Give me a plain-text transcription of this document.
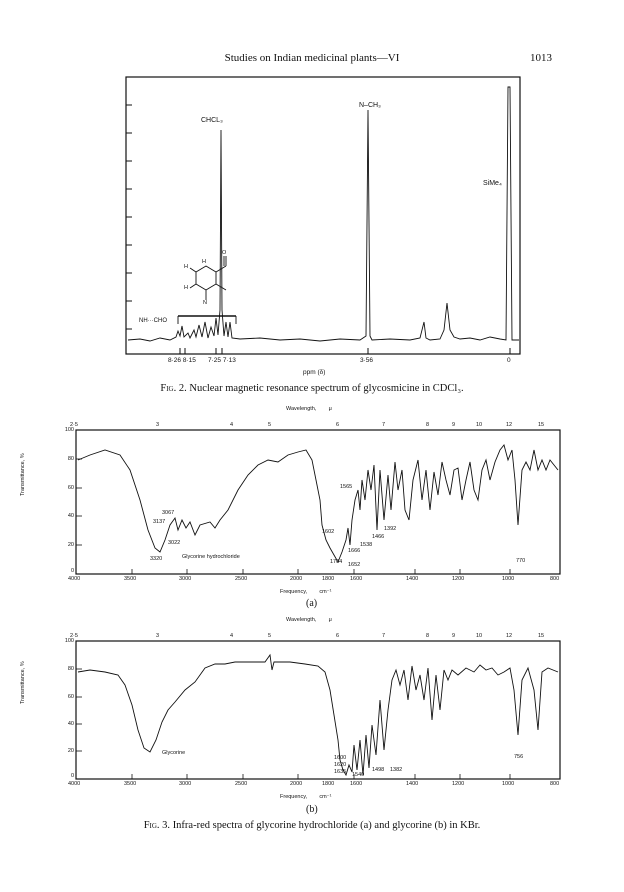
Studies on Indian medicinal plants—VI	1013
CHCL₃
N–CH₃
SiMe₄
NH···CHO
H
O
H
H
N
8·26 8·15 7·25 7·13	3·56	0
ppm (δ)
Fig. 2. Nuclear magnetic resonance spectrum of glycosmicine in CDCl₃.
Wavelength,        μ
2·5	3	4	5	6	7	8	9	10	12	15
100
80
60
40
20
0
Transmittance, %
4000	3500	3000	2500	2000	1800	1600	1400	1200	1000	800
Frequency,        cm⁻¹
(a)
Glycorine hydrochloride
3320
3067
3137
3022
1704 1652
1666
1602
1565
1538
1466
1392
770
Wavelength,        μ
2·5	3	4	5	6	7	8	9	10	12	15
100
80
60
40
20
0
Transmittance, %
4000	3500	3000	2500	2000	1800	1600	1400	1200	1000	800
Frequency,        cm⁻¹
(b)
Glycorine
1600
1620
1635 1540
1498 1382
756
Fig. 3. Infra-red spectra of glycorine hydrochloride (a) and glycorine (b) in KBr.
